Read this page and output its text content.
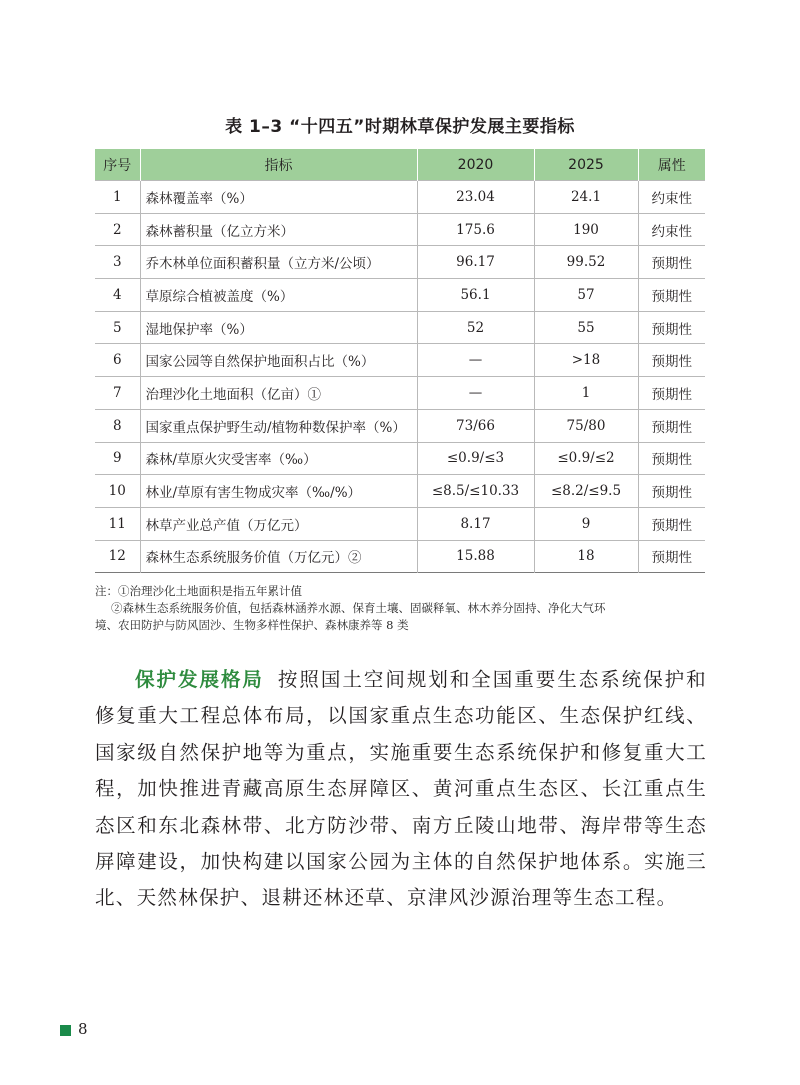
表 1–3 “十四五”时期林草保护发展主要指标
序号	指标	2020	2025	属性
1	森林覆盖率（%）	23.04	24.1	约束性
2	森林蓄积量（亿立方米）	175.6	190	约束性
3	乔木林单位面积蓄积量（立方米/公顷）	96.17	99.52	预期性
4	草原综合植被盖度（%）	56.1	57	预期性
5	湿地保护率（%）	52	55	预期性
6	国家公园等自然保护地面积占比（%）	—	>18	预期性
7	治理沙化土地面积（亿亩）①	—	1	预期性
8	国家重点保护野生动/植物种数保护率（%）	73/66	75/80	预期性
9	森林/草原火灾受害率（‰）	≤0.9/≤3	≤0.9/≤2	预期性
10	林业/草原有害生物成灾率（‰/%）	≤8.5/≤10.33	≤8.2/≤9.5	预期性
11	林草产业总产值（万亿元）	8.17	9	预期性
12	森林生态系统服务价值（万亿元）②	15.88	18	预期性
注：①治理沙化土地面积是指五年累计值
②森林生态系统服务价值，包括森林涵养水源、保育土壤、固碳释氧、林木养分固持、净化大气环
境、农田防护与防风固沙、生物多样性保护、森林康养等 8 类
保护发展格局 按照国土空间规划和全国重要生态系统保护和修复重大工程总体布局，以国家重点生态功能区、生态保护红线、国家级自然保护地等为重点，实施重要生态系统保护和修复重大工程，加快推进青藏高原生态屏障区、黄河重点生态区、长江重点生态区和东北森林带、北方防沙带、南方丘陵山地带、海岸带等生态屏障建设，加快构建以国家公园为主体的自然保护地体系。实施三北、天然林保护、退耕还林还草、京津风沙源治理等生态工程。
8
